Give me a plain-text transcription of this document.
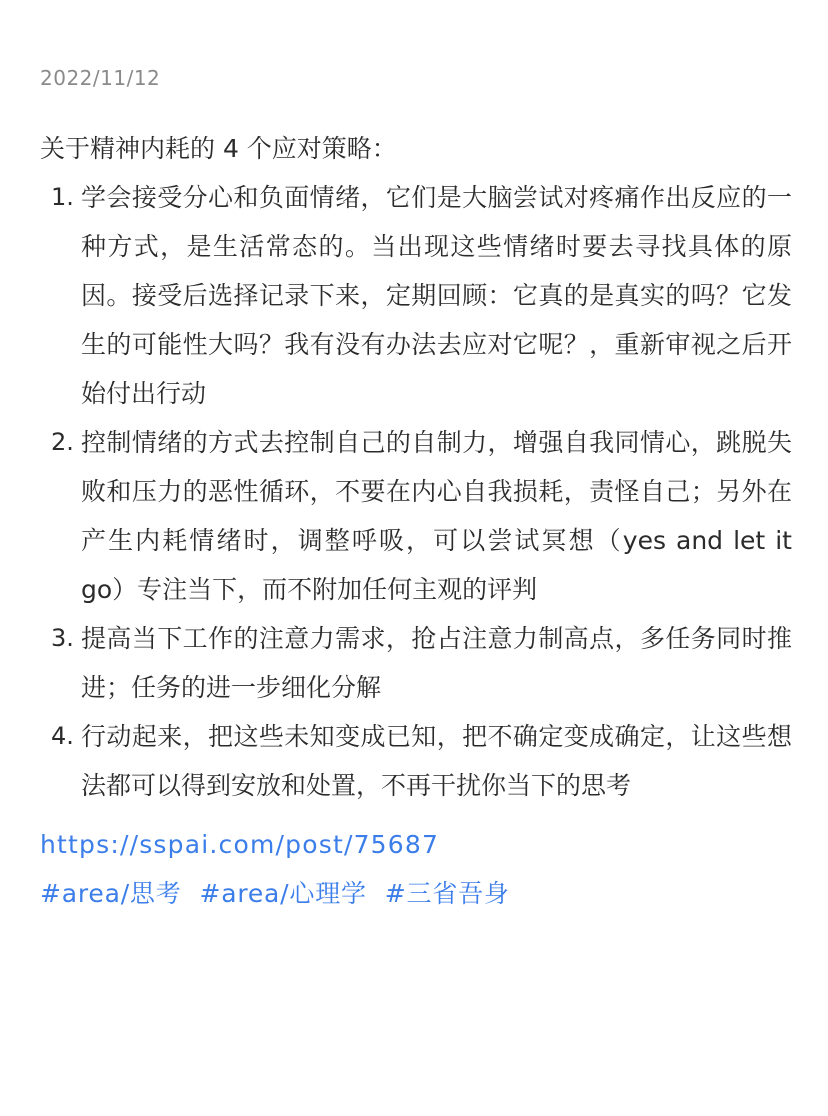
2022/11/12

关于精神内耗的 4 个应对策略：

1. 学会接受分心和负面情绪，它们是大脑尝试对疼痛作出反应的一种方式，是生活常态的。当出现这些情绪时要去寻找具体的原因。接受后选择记录下来，定期回顾：它真的是真实的吗？它发生的可能性大吗？我有没有办法去应对它呢？，重新审视之后开始付出行动
2. 控制情绪的方式去控制自己的自制力，增强自我同情心，跳脱失败和压力的恶性循环，不要在内心自我损耗，责怪自己；另外在产生内耗情绪时，调整呼吸，可以尝试冥想（yes and let it go）专注当下，而不附加任何主观的评判
3. 提高当下工作的注意力需求，抢占注意力制高点，多任务同时推进；任务的进一步细化分解
4. 行动起来，把这些未知变成已知，把不确定变成确定，让这些想法都可以得到安放和处置，不再干扰你当下的思考
https://sspai.com/post/75687
#area/思考 #area/心理学 #三省吾身
